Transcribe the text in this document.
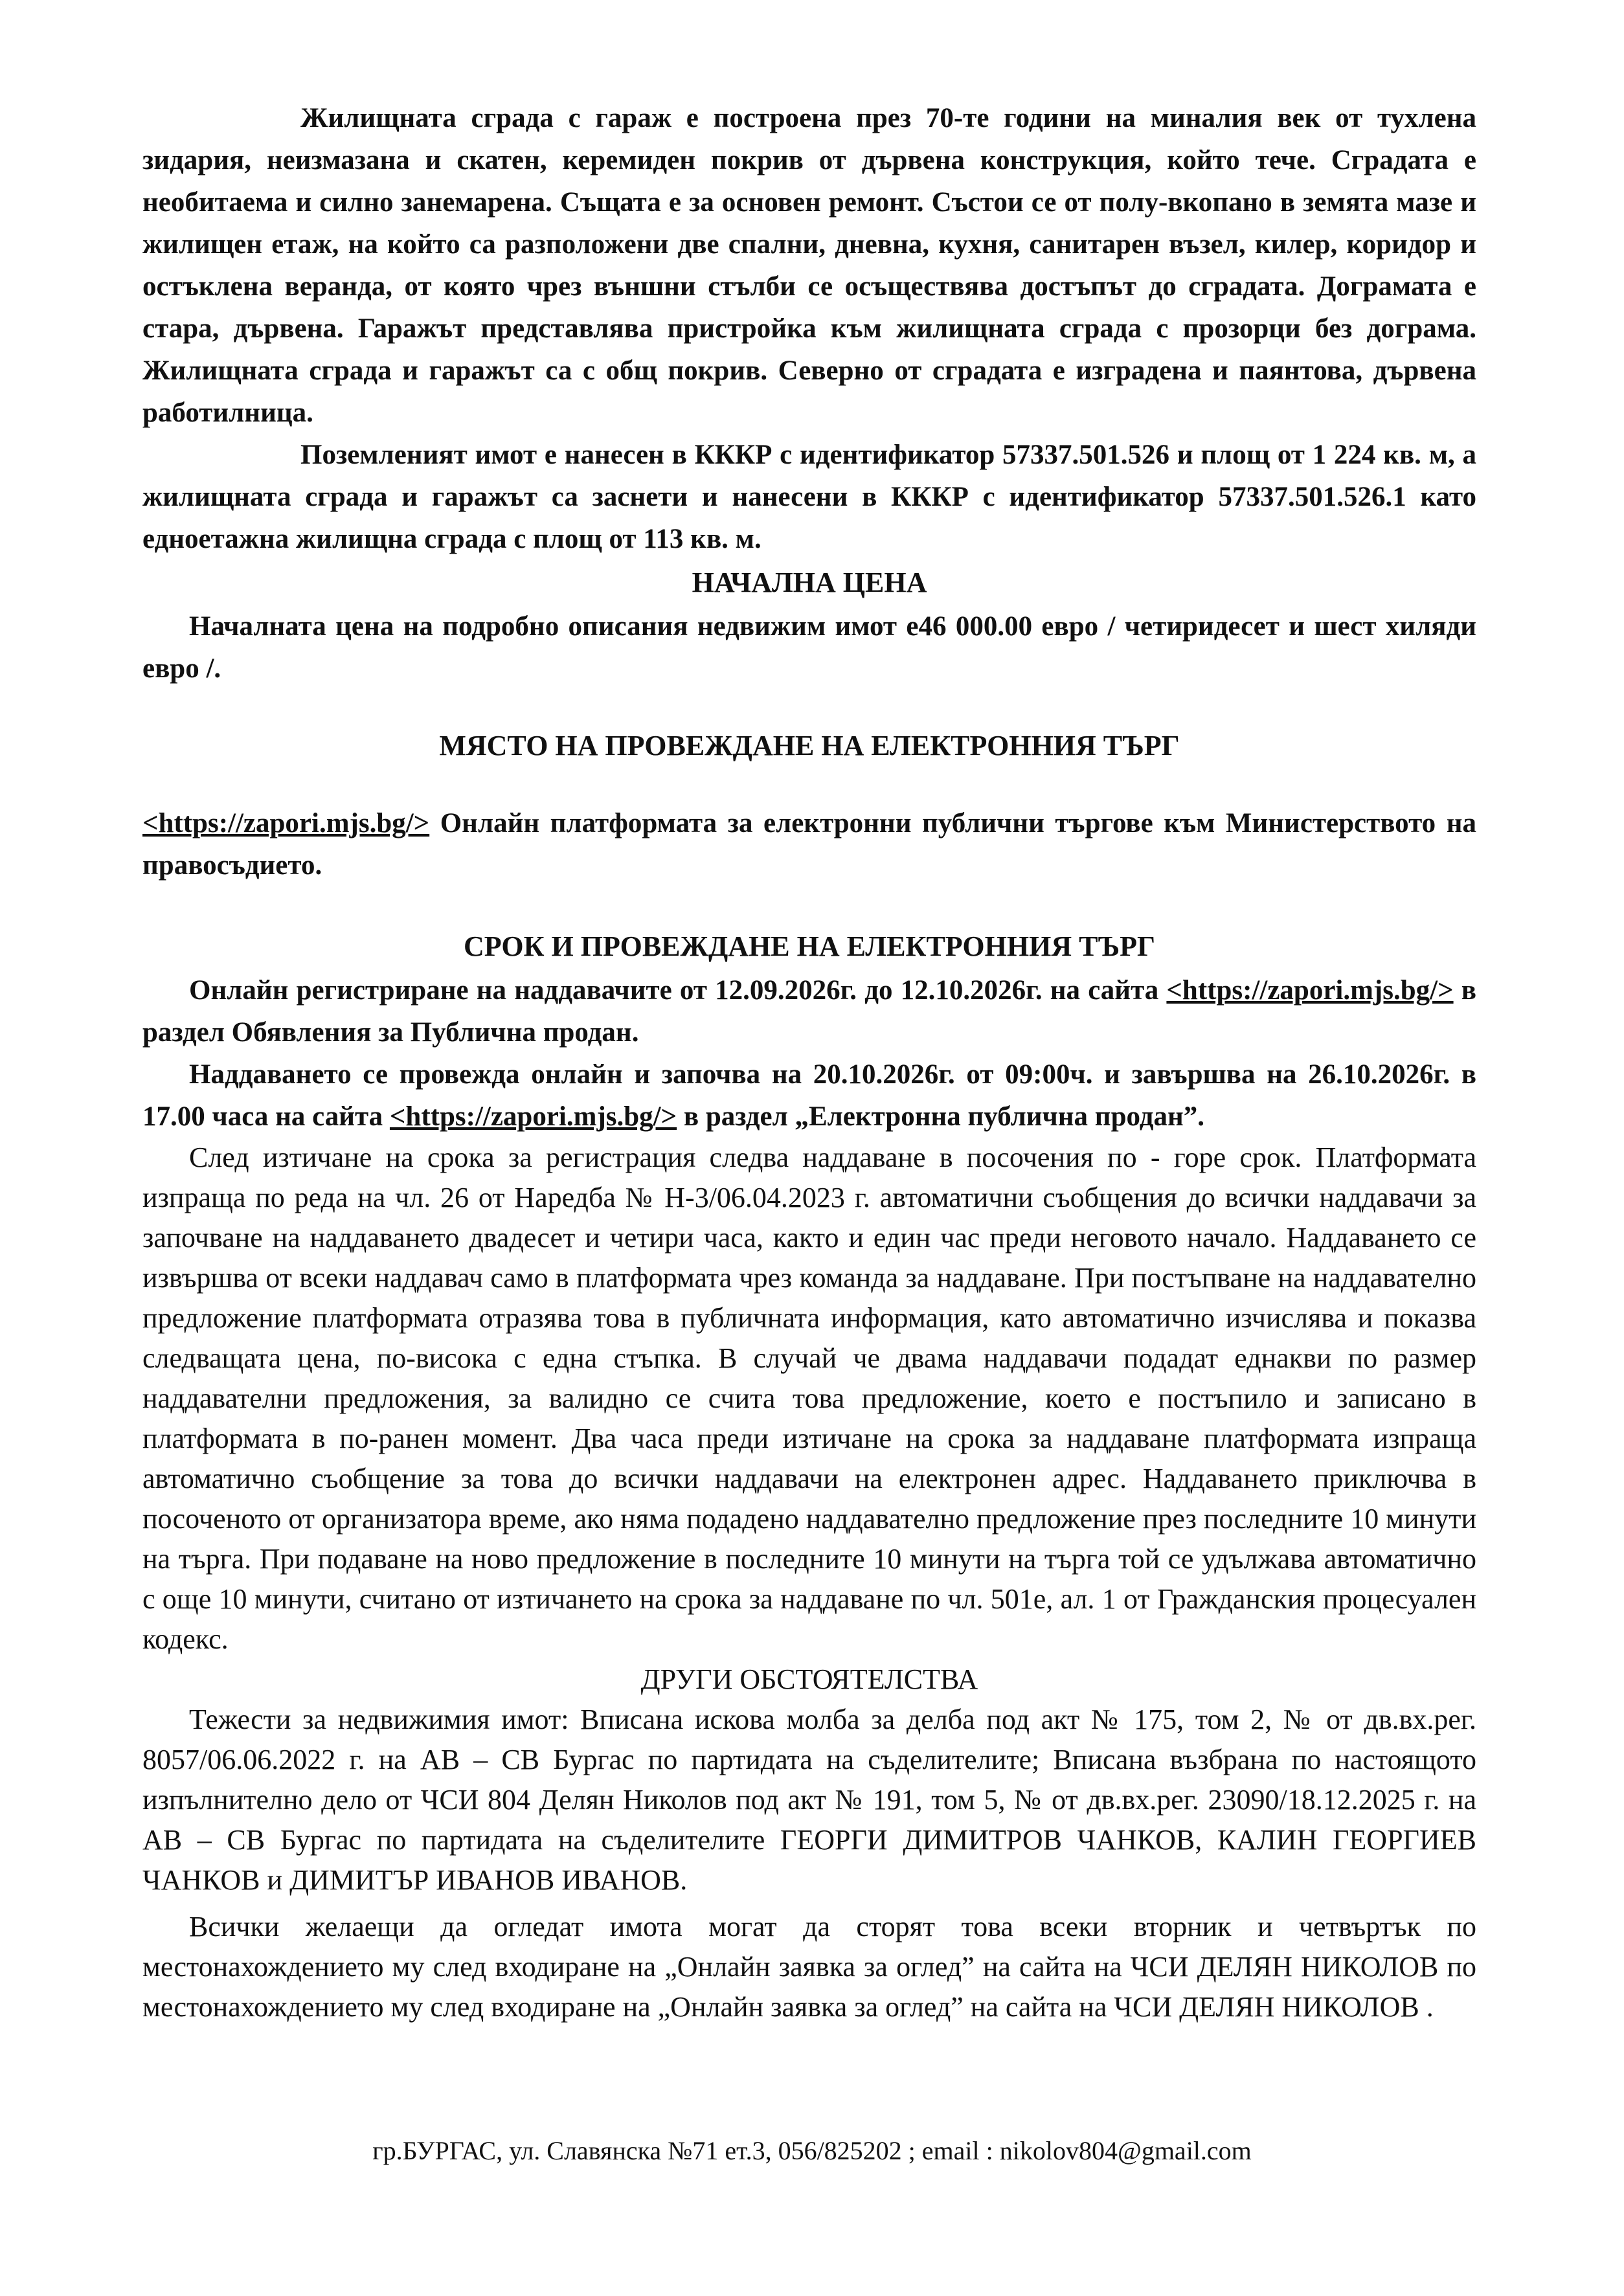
Жилищната сграда с гараж е построена през 70-те години на миналия век от тухлена зидария, неизмазана и скатен, керемиден покрив от дървена конструкция, който тече. Сградата е необитаема и силно занемарена. Същата е за основен ремонт. Състои се от полу-вкопано в земята мазе и жилищен етаж, на който са разположени две спални, дневна, кухня, санитарен възел, килер, коридор и остъклена веранда, от която чрез външни стълби се осъществява достъпът до сградата. Дограмата е стара, дървена. Гаражът представлява пристройка към жилищната сграда с прозорци без дограма. Жилищната сграда и гаражът са с общ покрив. Северно от сградата е изградена и паянтова, дървена работилница.

Поземленият имот е нанесен в КККР с идентификатор 57337.501.526 и площ от 1 224 кв. м, а жилищната сграда и гаражът са заснети и нанесени в КККР с идентификатор 57337.501.526.1 като едноетажна жилищна сграда с площ от 113 кв. м.

НАЧАЛНА ЦЕНА

Началната цена на подробно описания недвижим имот е46 000.00 евро / четиридесет и шест хиляди евро /.

МЯСТО НА ПРОВЕЖДАНЕ НА ЕЛЕКТРОННИЯ ТЪРГ

<https://zapori.mjs.bg/> Онлайн платформата за електронни публични търгове към Министерството на правосъдието.

СРОК И ПРОВЕЖДАНЕ НА ЕЛЕКТРОННИЯ ТЪРГ

Онлайн регистриране на наддавачите от 12.09.2026г. до 12.10.2026г. на сайта <https://zapori.mjs.bg/> в раздел Обявления за Публична продан.

Наддаването се провежда онлайн и започва на 20.10.2026г. от 09:00ч. и завършва на 26.10.2026г. в 17.00 часа на сайта <https://zapori.mjs.bg/> в раздел „Електронна публична продан”.

След изтичане на срока за регистрация следва наддаване в посочения по - горе срок. Платформата изпраща по реда на чл. 26 от Наредба № Н-3/06.04.2023 г. автоматични съобщения до всички наддавачи за започване на наддаването двадесет и четири часа, както и един час преди неговото начало. Наддаването се извършва от всеки наддавач само в платформата чрез команда за наддаване. При постъпване на наддавателно предложение платформата отразява това в публичната информация, като автоматично изчислява и показва следващата цена, по-висока с една стъпка. В случай че двама наддавачи подадат еднакви по размер наддавателни предложения, за валидно се счита това предложение, което е постъпило и записано в платформата в по-ранен момент. Два часа преди изтичане на срока за наддаване платформата изпраща автоматично съобщение за това до всички наддавачи на електронен адрес. Наддаването приключва в посоченото от организатора време, ако няма подадено наддавателно предложение през последните 10 минути на търга. При подаване на ново предложение в последните 10 минути на търга той се удължава автоматично с още 10 минути, считано от изтичането на срока за наддаване по чл. 501е, ал. 1 от Гражданския процесуален кодекс.

ДРУГИ ОБСТОЯТЕЛСТВА

Тежести за недвижимия имот: Вписана искова молба за делба под акт № 175, том 2, № от дв.вх.рег. 8057/06.06.2022 г. на АВ – СВ Бургас по партидата на съделителите; Вписана възбрана по настоящото изпълнително дело от ЧСИ 804 Делян Николов под акт № 191, том 5, № от дв.вх.рег. 23090/18.12.2025 г. на АВ – СВ Бургас по партидата на съделителите ГЕОРГИ ДИМИТРОВ ЧАНКОВ, КАЛИН ГЕОРГИЕВ ЧАНКОВ и ДИМИТЪР ИВАНОВ ИВАНОВ.

Всички желаещи да огледат имота могат да сторят това всеки вторник и четвъртък по местонахождението му след входиране на „Онлайн заявка за оглед” на сайта на ЧСИ ДЕЛЯН НИКОЛОВ по местонахождението му след входиране на „Онлайн заявка за оглед” на сайта на ЧСИ ДЕЛЯН НИКОЛОВ .

гр.БУРГАС, ул. Славянска №71 ет.3, 056/825202 ; email : nikolov804@gmail.com
